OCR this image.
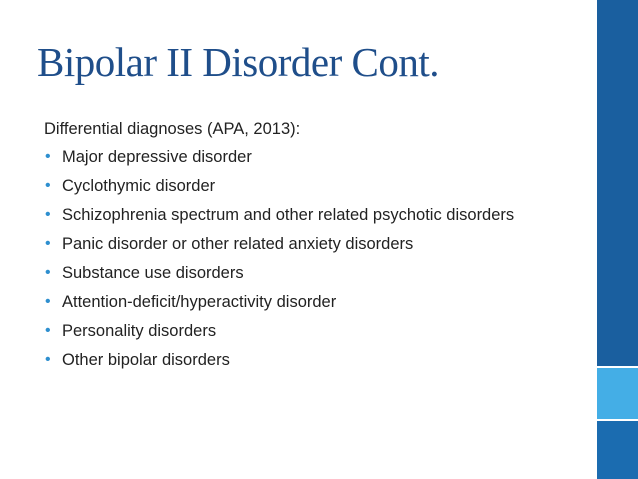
Bipolar II Disorder Cont.

Differential diagnoses (APA, 2013):

• Major depressive disorder
• Cyclothymic disorder
• Schizophrenia spectrum and other related psychotic disorders
• Panic disorder or other related anxiety disorders
• Substance use disorders
• Attention-deficit/hyperactivity disorder
• Personality disorders
• Other bipolar disorders
